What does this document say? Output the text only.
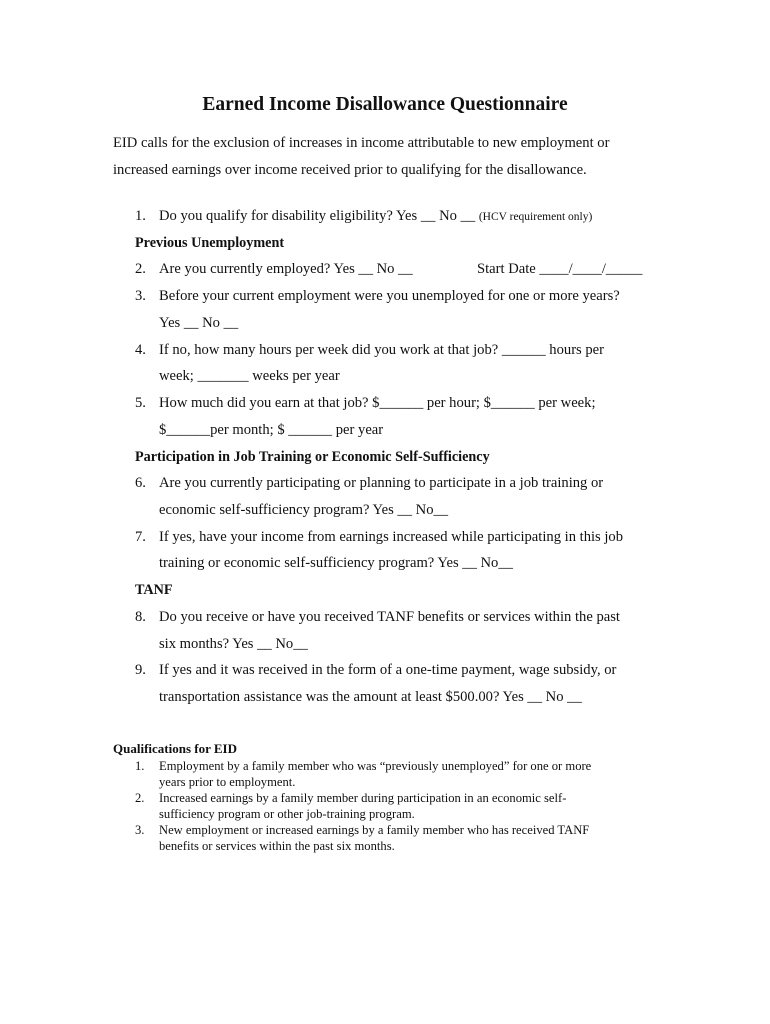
Earned Income Disallowance Questionnaire
EID calls for the exclusion of increases in income attributable to new employment or
increased earnings over income received prior to qualifying for the disallowance.
1. Do you qualify for disability eligibility? Yes __ No __ (HCV requirement only)
Previous Unemployment
2. Are you currently employed? Yes __ No __	Start Date ____/____/_____
3. Before your current employment were you unemployed for one or more years?
Yes __ No __
4. If no, how many hours per week did you work at that job? ______ hours per
week; _______ weeks per year
5. How much did you earn at that job? $______ per hour; $______ per week;
$______per month; $ ______ per year
Participation in Job Training or Economic Self-Sufficiency
6. Are you currently participating or planning to participate in a job training or
economic self-sufficiency program? Yes __ No__
7. If yes, have your income from earnings increased while participating in this job
training or economic self-sufficiency program? Yes __ No__
TANF
8. Do you receive or have you received TANF benefits or services within the past
six months? Yes __ No__
9. If yes and it was received in the form of a one-time payment, wage subsidy, or
transportation assistance was the amount at least $500.00? Yes __ No __
Qualifications for EID
1. Employment by a family member who was “previously unemployed” for one or more
years prior to employment.
2. Increased earnings by a family member during participation in an economic self-
sufficiency program or other job-training program.
3. New employment or increased earnings by a family member who has received TANF
benefits or services within the past six months.
